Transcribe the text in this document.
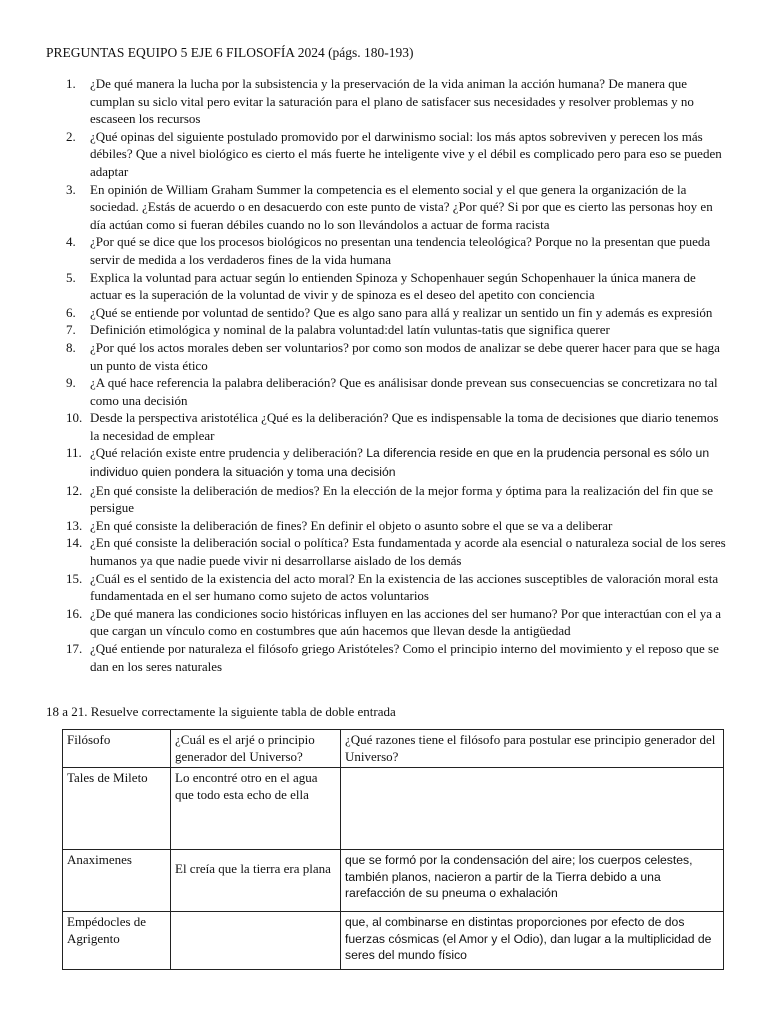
PREGUNTAS EQUIPO 5 EJE 6 FILOSOFÍA 2024 (págs. 180-193)
1. ¿De qué manera la lucha por la subsistencia y la preservación de la vida animan la acción humana? De manera que cumplan su siclo vital pero evitar la saturación para el plano de satisfacer sus necesidades y resolver problemas y no escaseen los recursos
2. ¿Qué opinas del siguiente postulado promovido por el darwinismo social: los más aptos sobreviven y perecen los más débiles? Que a nivel biológico es cierto el más fuerte he inteligente vive y el débil es complicado pero para eso se pueden adaptar
3. En opinión de William Graham Summer la competencia es el elemento social y el que genera la organización de la sociedad. ¿Estás de acuerdo o en desacuerdo con este punto de vista? ¿Por qué? Si por que es cierto las personas hoy en día actúan como si fueran débiles cuando no lo son llevándolos a actuar de forma racista
4. ¿Por qué se dice que los procesos biológicos no presentan una tendencia teleológica? Porque no la presentan que pueda servir de medida a los verdaderos fines de la vida humana
5. Explica la voluntad para actuar según lo entienden Spinoza y Schopenhauer según Schopenhauer la única manera de actuar es la superación de la voluntad de vivir y de spinoza es el deseo del apetito con conciencia
6. ¿Qué se entiende por voluntad de sentido? Que es algo sano para allá y realizar un sentido un fin y además es expresión
7. Definición etimológica y nominal de la palabra voluntad:del latín vuluntas-tatis que significa querer
8. ¿Por qué los actos morales deben ser voluntarios? por como son modos de analizar se debe querer hacer para que se haga un punto de vista ético
9. ¿A qué hace referencia la palabra deliberación? Que es análisisar donde prevean sus consecuencias se concretizara no tal como una decisión
10. Desde la perspectiva aristotélica ¿Qué es la deliberación? Que es indispensable la toma de decisiones que diario tenemos la necesidad de emplear
11. ¿Qué relación existe entre prudencia y deliberación? La diferencia reside en que en la prudencia personal es sólo un individuo quien pondera la situación y toma una decisión
12. ¿En qué consiste la deliberación de medios? En la elección de la mejor forma y óptima para la realización del fin que se persigue
13. ¿En qué consiste la deliberación de fines? En definir el objeto o asunto sobre el que se va a deliberar
14. ¿En qué consiste la deliberación social o política? Esta fundamentada y acorde ala esencial o naturaleza social de los seres humanos ya que nadie puede vivir ni desarrollarse aislado de los demás
15. ¿Cuál es el sentido de la existencia del acto moral? En la existencia de las acciones susceptibles de valoración moral esta fundamentada en el ser humano como sujeto de actos voluntarios
16. ¿De qué manera las condiciones socio históricas influyen en las acciones del ser humano? Por que interactúan con el ya a que cargan un vínculo como en costumbres que aún hacemos que llevan desde la antigüedad
17. ¿Qué entiende por naturaleza el filósofo griego Aristóteles? Como el principio interno del movimiento y el reposo que se dan en los seres naturales
18 a 21. Resuelve correctamente la siguiente tabla de doble entrada
Filósofo	¿Cuál es el arjé o principio generador del Universo?	¿Qué razones tiene el filósofo para postular ese principio generador del Universo?
Tales de Mileto	Lo encontré otro en el agua que todo esta echo de ella	
Anaximenes	El creía que la tierra era plana	que se formó por la condensación del aire; los cuerpos celestes, también planos, nacieron a partir de la Tierra debido a una rarefacción de su pneuma o exhalación
Empédocles de Agrigento		que, al combinarse en distintas proporciones por efecto de dos fuerzas cósmicas (el Amor y el Odio), dan lugar a la multiplicidad de seres del mundo físico
